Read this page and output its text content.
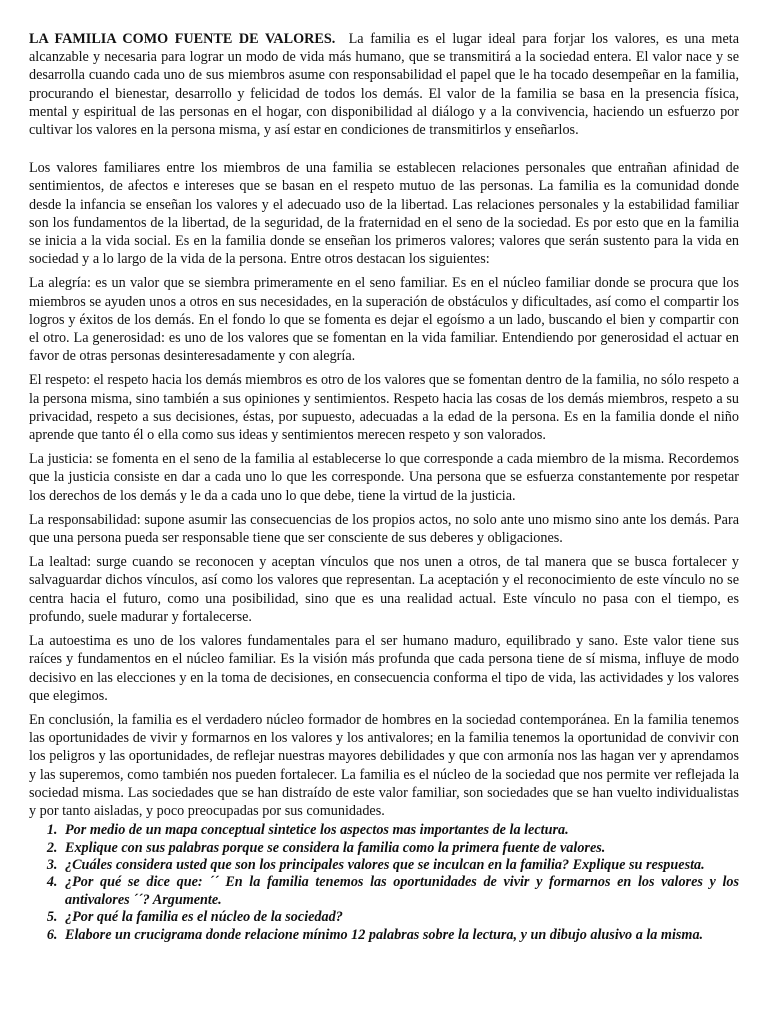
LA FAMILIA COMO FUENTE DE VALORES. La familia es el lugar ideal para forjar los valores, es una meta alcanzable y necesaria para lograr un modo de vida más humano, que se transmitirá a la sociedad entera. El valor nace y se desarrolla cuando cada uno de sus miembros asume con responsabilidad el papel que le ha tocado desempeñar en la familia, procurando el bienestar, desarrollo y felicidad de todos los demás. El valor de la familia se basa en la presencia física, mental y espiritual de las personas en el hogar, con disponibilidad al diálogo y a la convivencia, haciendo un esfuerzo por cultivar los valores en la persona misma, y así estar en condiciones de transmitirlos y enseñarlos.

Los valores familiares entre los miembros de una familia se establecen relaciones personales que entrañan afinidad de sentimientos, de afectos e intereses que se basan en el respeto mutuo de las personas. La familia es la comunidad donde desde la infancia se enseñan los valores y el adecuado uso de la libertad. Las relaciones personales y la estabilidad familiar son los fundamentos de la libertad, de la seguridad, de la fraternidad en el seno de la sociedad. Es por esto que en la familia se inicia a la vida social. Es en la familia donde se enseñan los primeros valores; valores que serán sustento para la vida en sociedad y a lo largo de la vida de la persona. Entre otros destacan los siguientes:

La alegría: es un valor que se siembra primeramente en el seno familiar. Es en el núcleo familiar donde se procura que los miembros se ayuden unos a otros en sus necesidades, en la superación de obstáculos y dificultades, así como el compartir los logros y éxitos de los demás. En el fondo lo que se fomenta es dejar el egoísmo a un lado, buscando el bien y compartir con el otro. La generosidad: es uno de los valores que se fomentan en la vida familiar. Entendiendo por generosidad el actuar en favor de otras personas desinteresadamente y con alegría.

El respeto: el respeto hacia los demás miembros es otro de los valores que se fomentan dentro de la familia, no sólo respeto a la persona misma, sino también a sus opiniones y sentimientos. Respeto hacia las cosas de los demás miembros, respeto a su privacidad, respeto a sus decisiones, éstas, por supuesto, adecuadas a la edad de la persona. Es en la familia donde el niño aprende que tanto él o ella como sus ideas y sentimientos merecen respeto y son valorados.

La justicia: se fomenta en el seno de la familia al establecerse lo que corresponde a cada miembro de la misma. Recordemos que la justicia consiste en dar a cada uno lo que les corresponde. Una persona que se esfuerza constantemente por respetar los derechos de los demás y le da a cada uno lo que debe, tiene la virtud de la justicia.

La responsabilidad: supone asumir las consecuencias de los propios actos, no solo ante uno mismo sino ante los demás. Para que una persona pueda ser responsable tiene que ser consciente de sus deberes y obligaciones.

La lealtad: surge cuando se reconocen y aceptan vínculos que nos unen a otros, de tal manera que se busca fortalecer y salvaguardar dichos vínculos, así como los valores que representan. La aceptación y el reconocimiento de este vínculo no se centra hacia el futuro, como una posibilidad, sino que es una realidad actual. Este vínculo no pasa con el tiempo, es profundo, suele madurar y fortalecerse.

La autoestima es uno de los valores fundamentales para el ser humano maduro, equilibrado y sano. Este valor tiene sus raíces y fundamentos en el núcleo familiar. Es la visión más profunda que cada persona tiene de sí misma, influye de modo decisivo en las elecciones y en la toma de decisiones, en consecuencia conforma el tipo de vida, las actividades y los valores que elegimos.

En conclusión, la familia es el verdadero núcleo formador de hombres en la sociedad contemporánea. En la familia tenemos las oportunidades de vivir y formarnos en los valores y los antivalores; en la familia tenemos la oportunidad de convivir con los peligros y las oportunidades, de reflejar nuestras mayores debilidades y que con armonía nos las hagan ver y aprendamos y las superemos, como también nos pueden fortalecer. La familia es el núcleo de la sociedad que nos permite ver reflejada la sociedad misma. Las sociedades que se han distraído de este valor familiar, son sociedades que se han vuelto individualistas y por tanto aisladas, y poco preocupadas por sus comunidades.

1. Por medio de un mapa conceptual sintetice los aspectos mas importantes de la lectura.
2. Explique con sus palabras porque se considera la familia como la primera fuente de valores.
3. ¿Cuáles considera usted que son los principales valores que se inculcan en la familia? Explique su respuesta.
4. ¿Por qué se dice que: ´´ En la familia tenemos las oportunidades de vivir y formarnos en los valores y los antivalores ´´? Argumente.
5. ¿Por qué la familia es el núcleo de la sociedad?
6. Elabore un crucigrama donde relacione mínimo 12 palabras sobre la lectura, y un dibujo alusivo a la misma.
